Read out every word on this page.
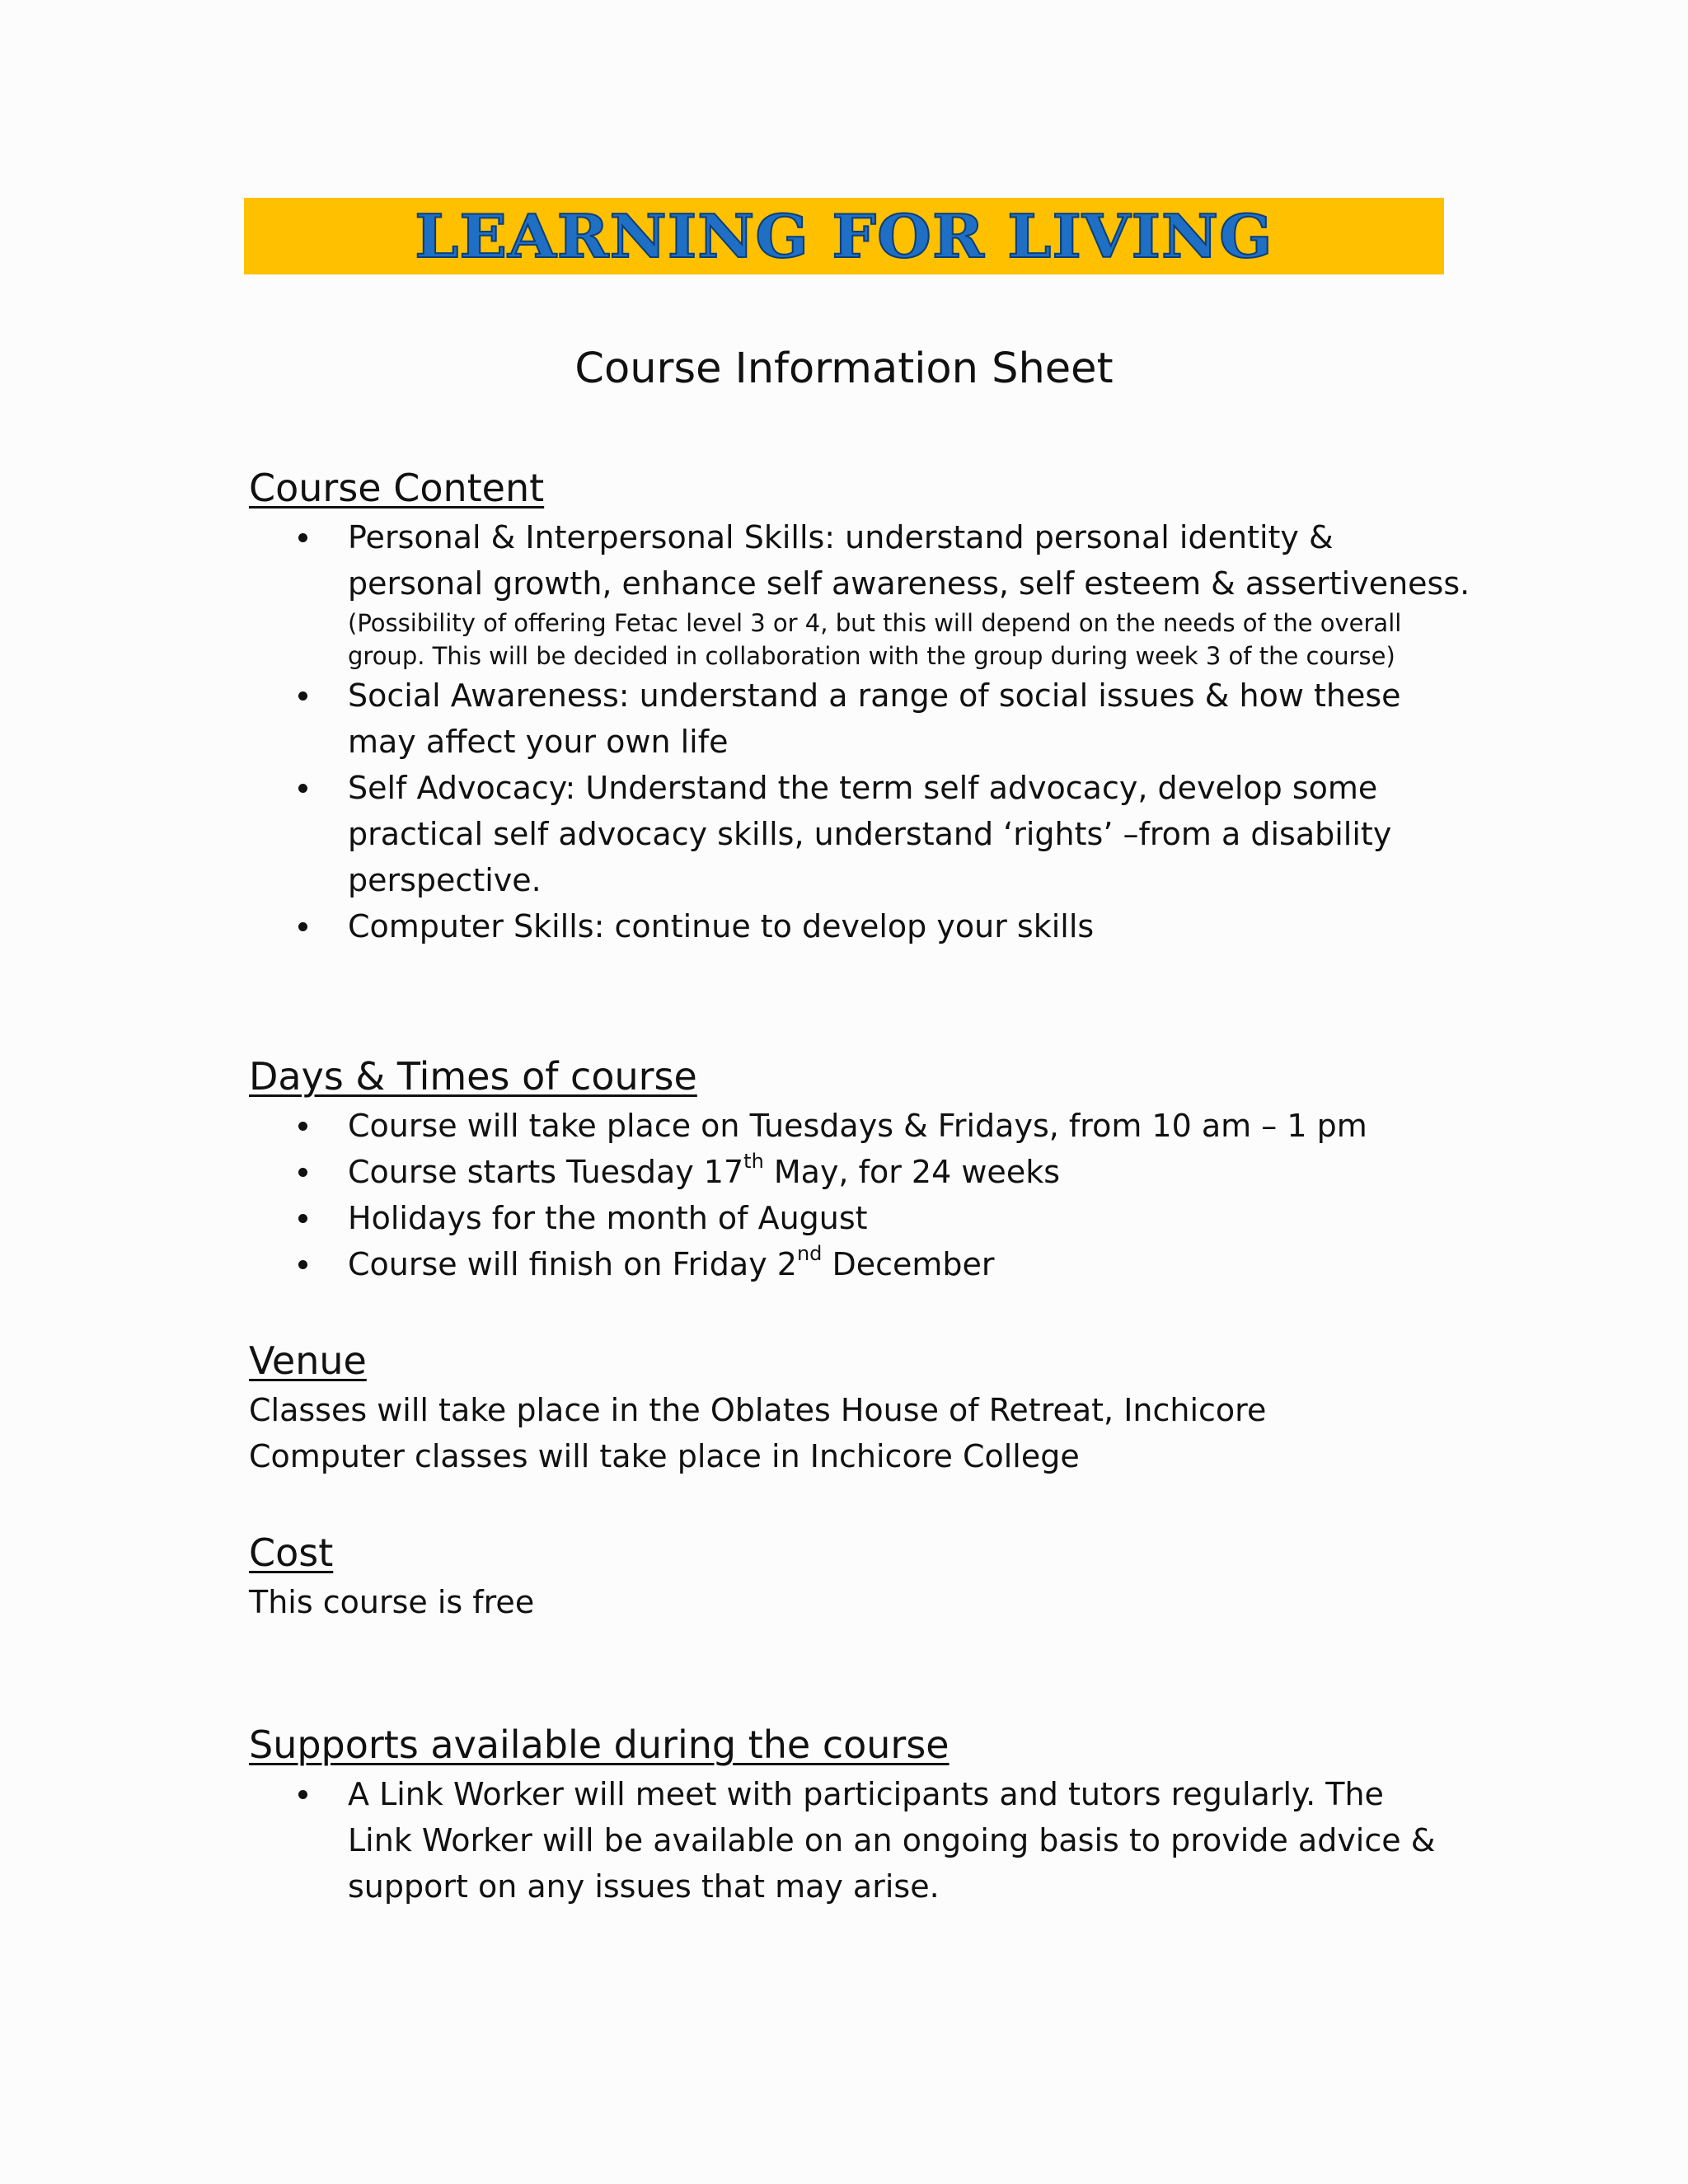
LEARNING FOR LIVING
Course Information Sheet
Course Content
Personal & Interpersonal Skills: understand personal identity &
personal growth, enhance self awareness, self esteem & assertiveness.
(Possibility of offering Fetac level 3 or 4, but this will depend on the needs of the overall
group. This will be decided in collaboration with the group during week 3 of the course)
Social Awareness: understand a range of social issues & how these
may affect your own life
Self Advocacy: Understand the term self advocacy, develop some
practical self advocacy skills, understand ‘rights’ –from a disability
perspective.
Computer Skills: continue to develop your skills
Days & Times of course
Course will take place on Tuesdays & Fridays, from 10 am – 1 pm
Course starts Tuesday 17th May, for 24 weeks
Holidays for the month of August
Course will finish on Friday 2nd December
Venue
Classes will take place in the Oblates House of Retreat, Inchicore
Computer classes will take place in Inchicore College
Cost
This course is free
Supports available during the course
A Link Worker will meet with participants and tutors regularly. The
Link Worker will be available on an ongoing basis to provide advice &
support on any issues that may arise.
